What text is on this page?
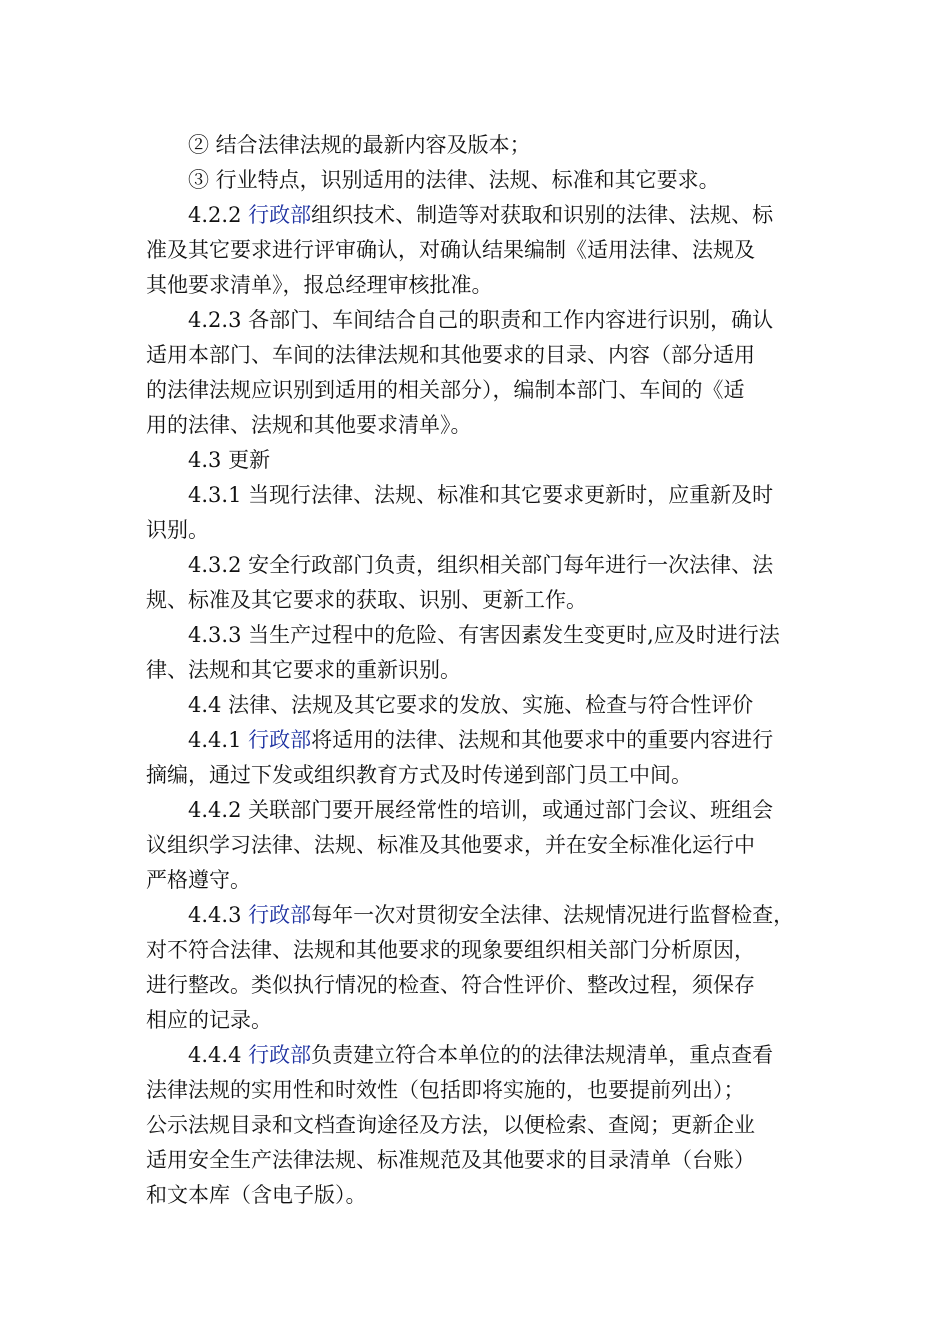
② 结合法律法规的最新内容及版本；
③ 行业特点，识别适用的法律、法规、标准和其它要求。
4.2.2 行政部组织技术、制造等对获取和识别的法律、法规、标
准及其它要求进行评审确认，对确认结果编制《适用法律、法规及
其他要求清单》，报总经理审核批准。
4.2.3 各部门、车间结合自己的职责和工作内容进行识别，确认
适用本部门、车间的法律法规和其他要求的目录、内容（部分适用
的法律法规应识别到适用的相关部分），编制本部门、车间的《适
用的法律、法规和其他要求清单》。
4.3 更新
4.3.1 当现行法律、法规、标准和其它要求更新时，应重新及时
识别。
4.3.2 安全行政部门负责，组织相关部门每年进行一次法律、法
规、标准及其它要求的获取、识别、更新工作。
4.3.3 当生产过程中的危险、有害因素发生变更时,应及时进行法
律、法规和其它要求的重新识别。
4.4 法律、法规及其它要求的发放、实施、检查与符合性评价
4.4.1 行政部将适用的法律、法规和其他要求中的重要内容进行
摘编，通过下发或组织教育方式及时传递到部门员工中间。
4.4.2 关联部门要开展经常性的培训，或通过部门会议、班组会
议组织学习法律、法规、标准及其他要求，并在安全标准化运行中
严格遵守。
4.4.3 行政部每年一次对贯彻安全法律、法规情况进行监督检查，
对不符合法律、法规和其他要求的现象要组织相关部门分析原因，
进行整改。类似执行情况的检查、符合性评价、整改过程，须保存
相应的记录。
4.4.4 行政部负责建立符合本单位的的法律法规清单，重点查看
法律法规的实用性和时效性（包括即将实施的，也要提前列出）；
公示法规目录和文档查询途径及方法，以便检索、查阅；更新企业
适用安全生产法律法规、标准规范及其他要求的目录清单（台账）
和文本库（含电子版）。
